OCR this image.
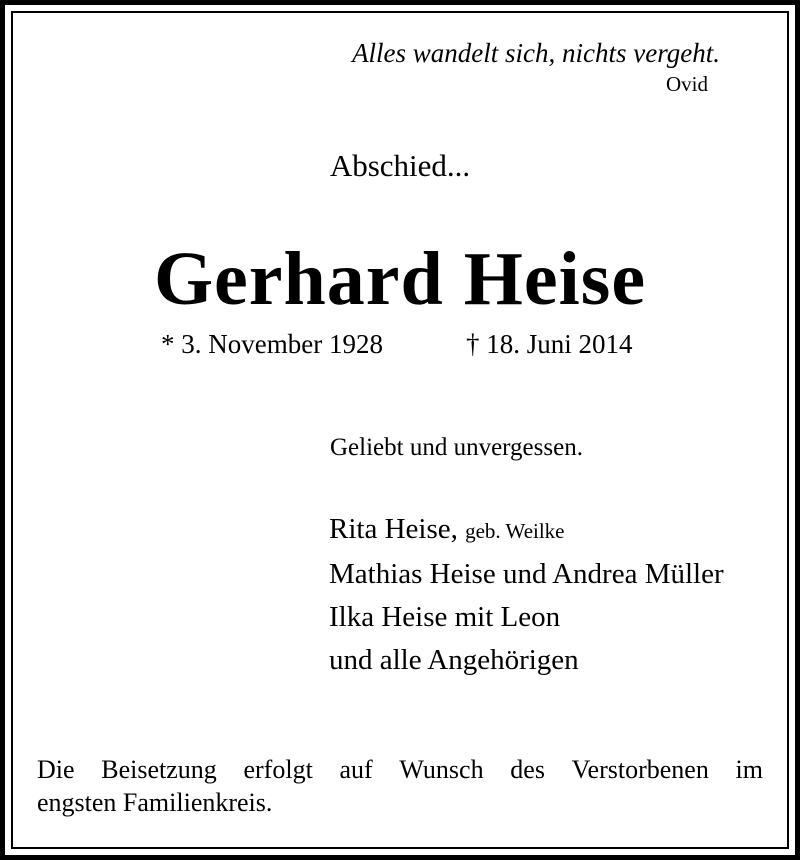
Alles wandelt sich, nichts vergeht.
Ovid
Abschied...
Gerhard Heise
* 3. November 1928	† 18. Juni 2014
Geliebt und unvergessen.
Rita Heise, geb. Weilke
Mathias Heise und Andrea Müller
Ilka Heise mit Leon
und alle Angehörigen
Die Beisetzung erfolgt auf Wunsch des Verstorbenen im
engsten Familienkreis.
